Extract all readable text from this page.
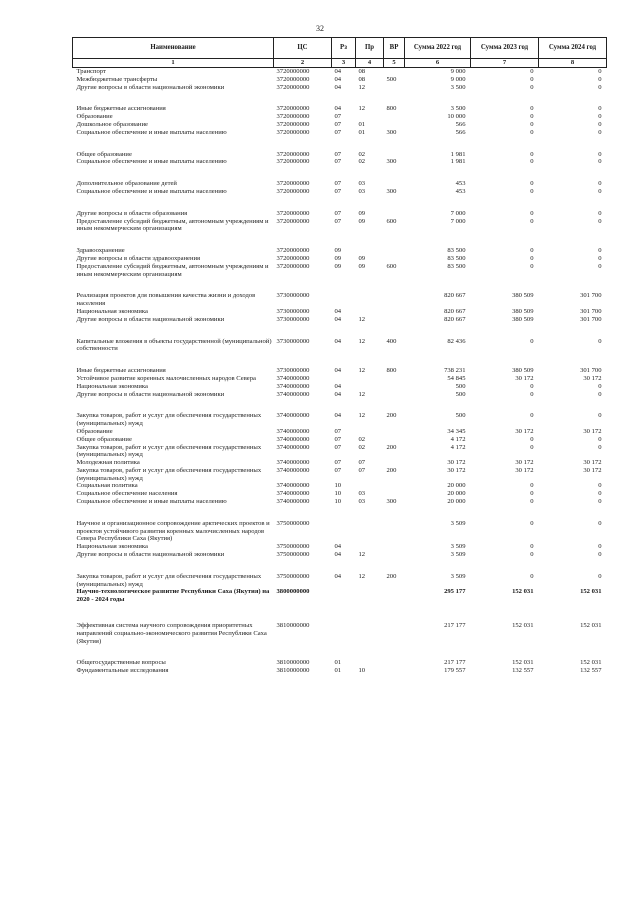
32
Наименование	ЦС	Рз	Пр	ВР	Сумма 2022 год	Сумма 2023 год	Сумма 2024 год
1	2	3	4	5	6	7	8
Транспорт	3720000000	04	08		9 000	0	0
Межбюджетные трансферты	3720000000	04	08	500	9 000	0	0
Другие вопросы в области национальной экономики	3720000000	04	12		3 500	0	0
Иные бюджетные ассигнования	3720000000	04	12	800	3 500	0	0
Образование	3720000000	07			10 000	0	0
Дошкольное образование	3720000000	07	01		566	0	0
Социальное обеспечение и иные выплаты населению	3720000000	07	01	300	566	0	0
Общее образование	3720000000	07	02		1 981	0	0
Социальное обеспечение и иные выплаты населению	3720000000	07	02	300	1 981	0	0
Дополнительное образование детей	3720000000	07	03		453	0	0
Социальное обеспечение и иные выплаты населению	3720000000	07	03	300	453	0	0
Другие вопросы в области образования	3720000000	07	09		7 000	0	0
Предоставление субсидий бюджетным, автономным учреждениям и иным некоммерческим организациям	3720000000	07	09	600	7 000	0	0
Здравоохранение	3720000000	09			83 500	0	0
Другие вопросы в области здравоохранения	3720000000	09	09		83 500	0	0
Предоставление субсидий бюджетным, автономным учреждениям и иным некоммерческим организациям	3720000000	09	09	600	83 500	0	0
Реализация проектов для повышения качества жизни и доходов населения	3730000000				820 667	380 509	301 700
Национальная экономика	3730000000	04			820 667	380 509	301 700
Другие вопросы в области национальной экономики	3730000000	04	12		820 667	380 509	301 700
Капитальные вложения в объекты государственной (муниципальной) собственности	3730000000	04	12	400	82 436	0	0
Иные бюджетные ассигнования	3730000000	04	12	800	738 231	380 509	301 700
Устойчивое развитие коренных малочисленных народов Севера	3740000000				54 845	30 172	30 172
Национальная экономика	3740000000	04			500	0	0
Другие вопросы в области национальной экономики	3740000000	04	12		500	0	0
Закупка товаров, работ и услуг для обеспечения государственных (муниципальных) нужд	3740000000	04	12	200	500	0	0
Образование	3740000000	07			34 345	30 172	30 172
Общее образование	3740000000	07	02		4 172	0	0
Закупка товаров, работ и услуг для обеспечения государственных (муниципальных) нужд	3740000000	07	02	200	4 172	0	0
Молодежная политика	3740000000	07	07		30 172	30 172	30 172
Закупка товаров, работ и услуг для обеспечения государственных (муниципальных) нужд	3740000000	07	07	200	30 172	30 172	30 172
Социальная политика	3740000000	10			20 000	0	0
Социальное обеспечение населения	3740000000	10	03		20 000	0	0
Социальное обеспечение и иные выплаты населению	3740000000	10	03	300	20 000	0	0
Научное и организационное сопровождение арктических проектов и проектов устойчивого развития коренных малочисленных народов Севера Республики Саха (Якутия)	3750000000				3 509	0	0
Национальная экономика	3750000000	04			3 509	0	0
Другие вопросы в области национальной экономики	3750000000	04	12		3 509	0	0
Закупка товаров, работ и услуг для обеспечения государственных (муниципальных) нужд	3750000000	04	12	200	3 509	0	0
Научно-технологическое развитие Республики Саха (Якутия) на 2020 - 2024 годы	3800000000				295 177	152 031	152 031
Эффективная система научного сопровождения приоритетных направлений социально-экономического развития Республики Саха (Якутия)	3810000000				217 177	152 031	152 031
Общегосударственные вопросы	3810000000	01			217 177	152 031	152 031
Фундаментальные исследования	3810000000	01	10		179 557	132 557	132 557
